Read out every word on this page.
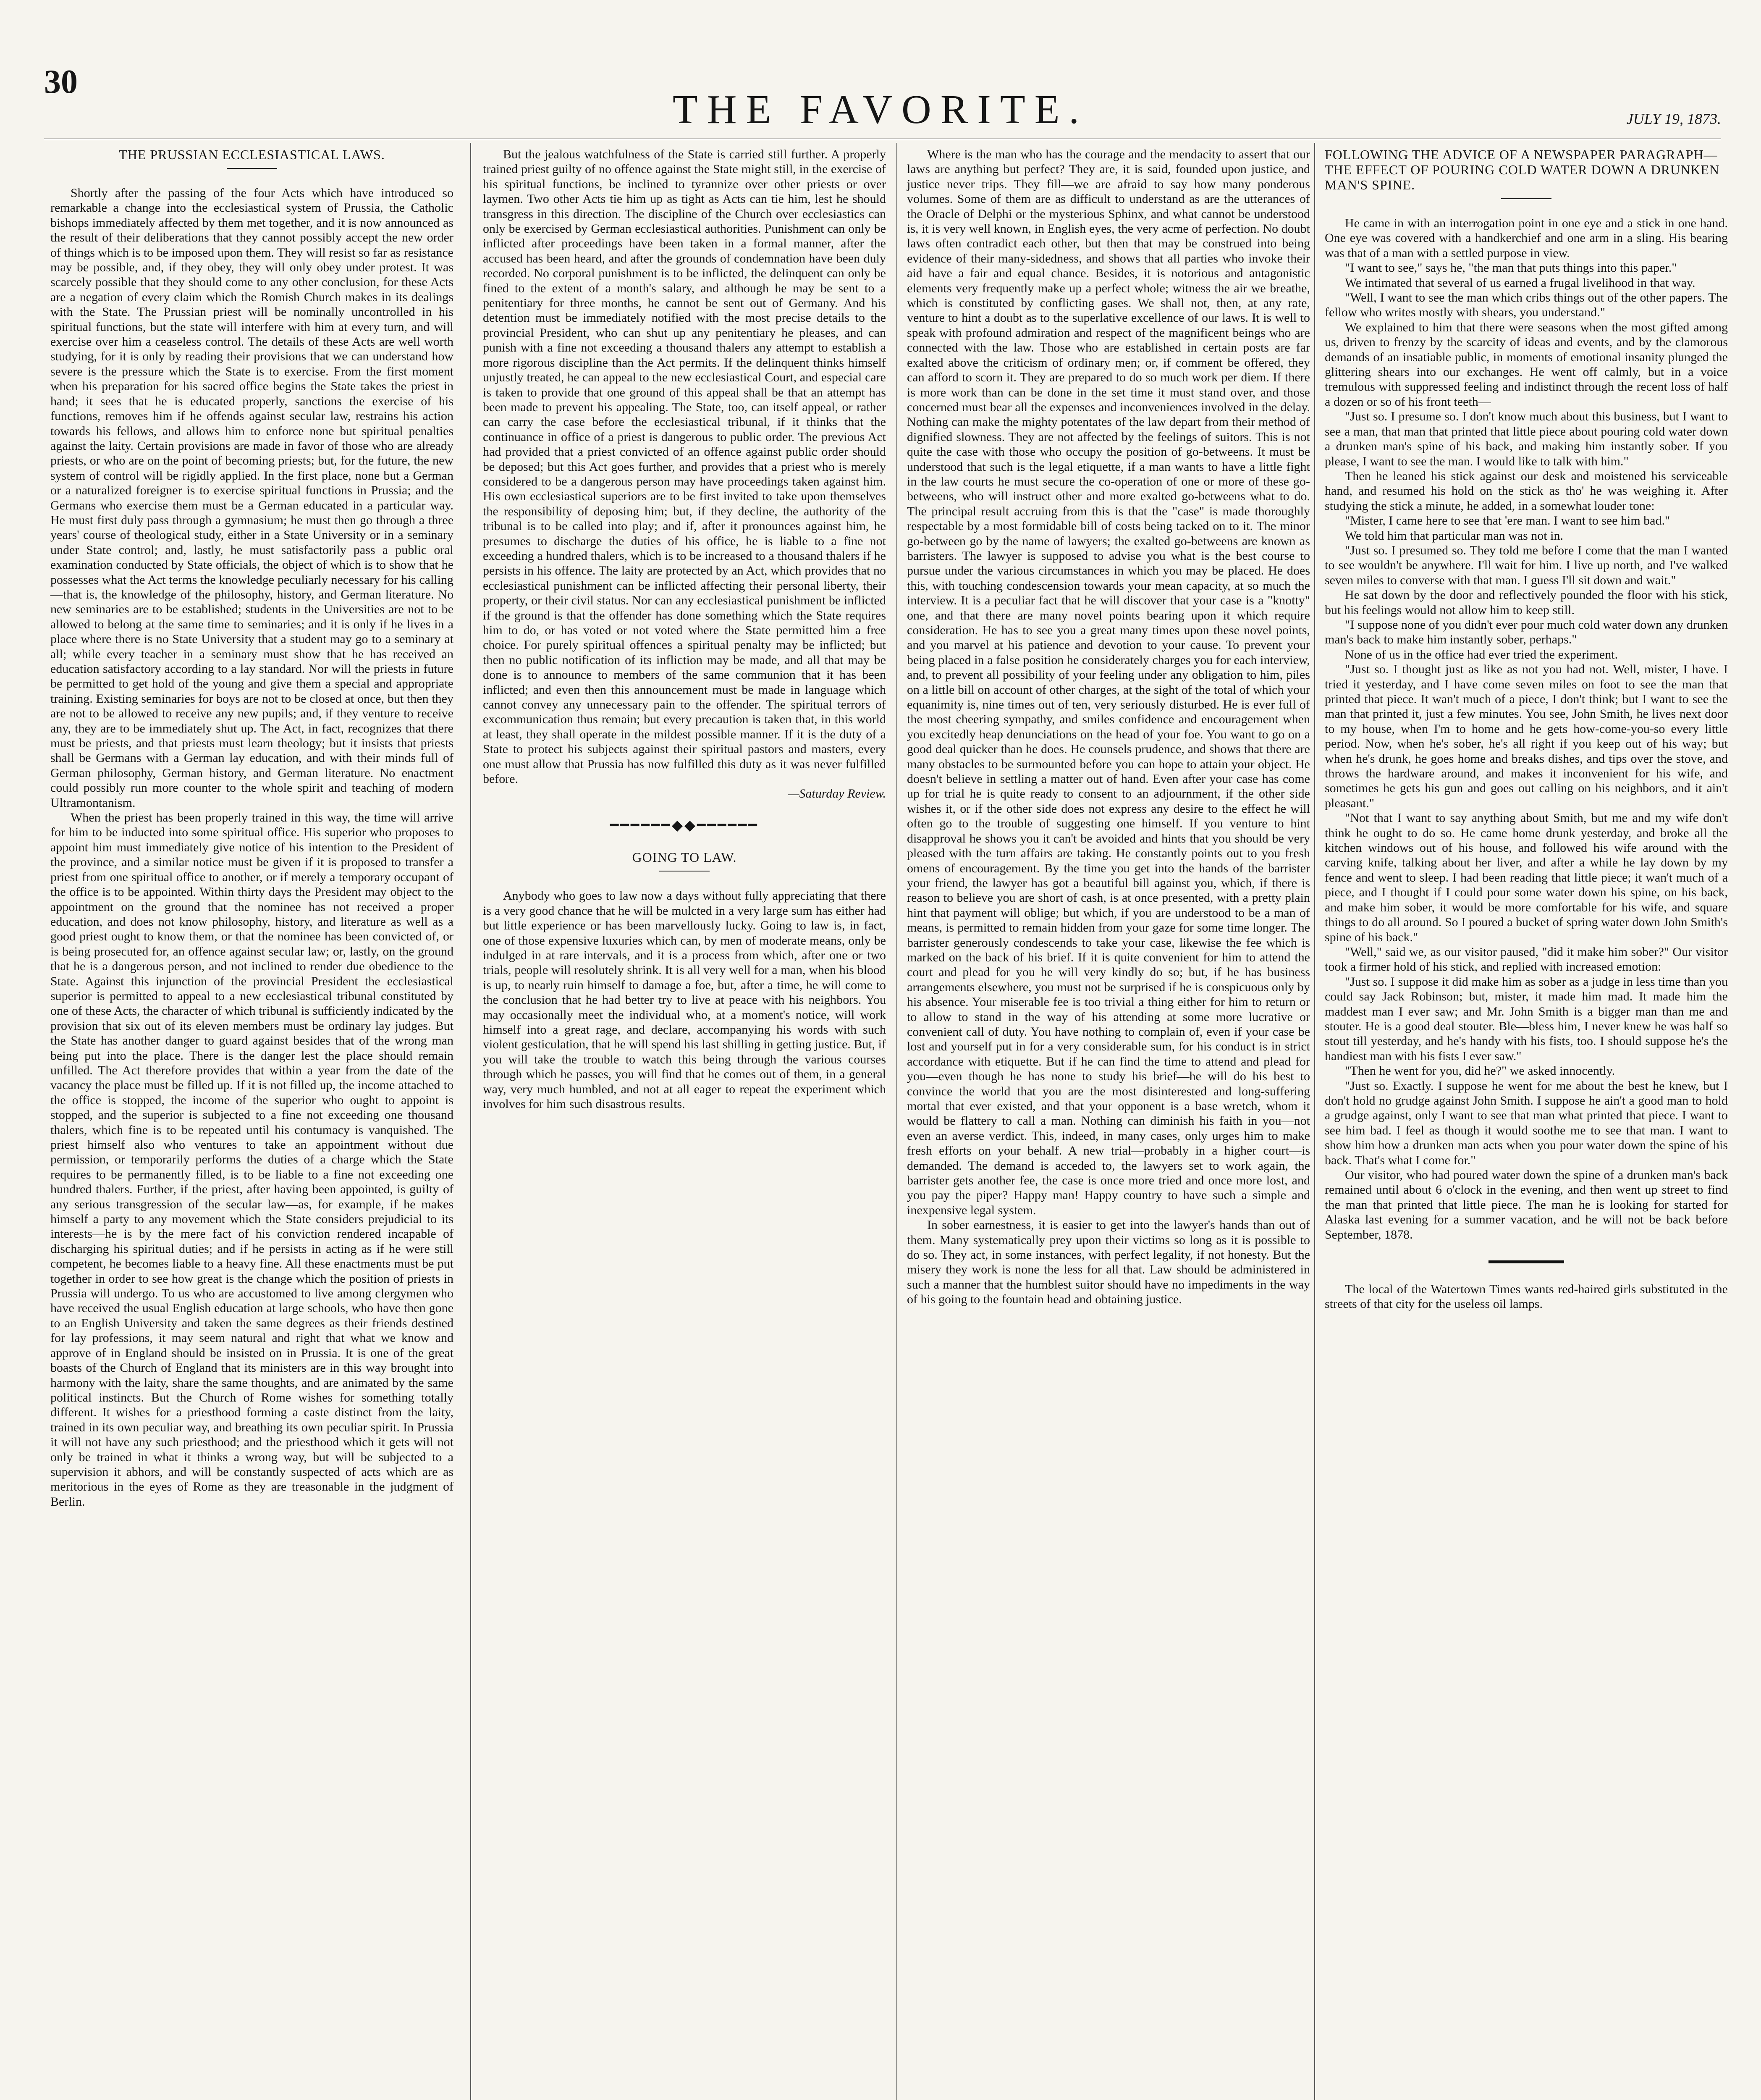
30
THE FAVORITE.	JULY 19, 1873.
THE PRUSSIAN ECCLESIASTICAL LAWS.

Shortly after the passing of the four Acts which have introduced so remarkable a change into the ecclesiastical system of Prussia, the Catholic bishops immediately affected by them met together, and it is now announced as the result of their deliberations that they cannot possibly accept the new order of things which is to be imposed upon them. They will resist so far as resistance may be possible, and, if they obey, they will only obey under protest. It was scarcely possible that they should come to any other conclusion, for these Acts are a negation of every claim which the Romish Church makes in its dealings with the State. The Prussian priest will be nominally uncontrolled in his spiritual functions, but the state will interfere with him at every turn, and will exercise over him a ceaseless control. The details of these Acts are well worth studying, for it is only by reading their provisions that we can understand how severe is the pressure which the State is to exercise. From the first moment when his preparation for his sacred office begins the State takes the priest in hand; it sees that he is educated properly, sanctions the exercise of his functions, removes him if he offends against secular law, restrains his action towards his fellows, and allows him to enforce none but spiritual penalties against the laity. Certain provisions are made in favor of those who are already priests, or who are on the point of becoming priests; but, for the future, the new system of control will be rigidly applied. In the first place, none but a German or a naturalized foreigner is to exercise spiritual functions in Prussia; and the Germans who exercise them must be a German educated in a particular way. He must first duly pass through a gymnasium; he must then go through a three years' course of theological study, either in a State University or in a seminary under State control; and, lastly, he must satisfactorily pass a public oral examination conducted by State officials, the object of which is to show that he possesses what the Act terms the knowledge peculiarly necessary for his calling—that is, the knowledge of the philosophy, history, and German literature. No new seminaries are to be established; students in the Universities are not to be allowed to belong at the same time to seminaries; and it is only if he lives in a place where there is no State University that a student may go to a seminary at all; while every teacher in a seminary must show that he has received an education satisfactory according to a lay standard. Nor will the priests in future be permitted to get hold of the young and give them a special and appropriate training. Existing seminaries for boys are not to be closed at once, but then they are not to be allowed to receive any new pupils; and, if they venture to receive any, they are to be immediately shut up. The Act, in fact, recognizes that there must be priests, and that priests must learn theology; but it insists that priests shall be Germans with a German lay education, and with their minds full of German philosophy, German history, and German literature. No enactment could possibly run more counter to the whole spirit and teaching of modern Ultramontanism.

When the priest has been properly trained in this way, the time will arrive for him to be inducted into some spiritual office. His superior who proposes to appoint him must immediately give notice of his intention to the President of the province, and a similar notice must be given if it is proposed to transfer a priest from one spiritual office to another, or if merely a temporary occupant of the office is to be appointed. Within thirty days the President may object to the appointment on the ground that the nominee has not received a proper education, and does not know philosophy, history, and literature as well as a good priest ought to know them, or that the nominee has been convicted of, or is being prosecuted for, an offence against secular law; or, lastly, on the ground that he is a dangerous person, and not inclined to render due obedience to the State. Against this injunction of the provincial President the ecclesiastical superior is permitted to appeal to a new ecclesiastical tribunal constituted by one of these Acts, the character of which tribunal is sufficiently indicated by the provision that six out of its eleven members must be ordinary lay judges. But the State has another danger to guard against besides that of the wrong man being put into the place. There is the danger lest the place should remain unfilled. The Act therefore provides that within a year from the date of the vacancy the place must be filled up. If it is not filled up, the income attached to the office is stopped, the income of the superior who ought to appoint is stopped, and the superior is subjected to a fine not exceeding one thousand thalers, which fine is to be repeated until his contumacy is vanquished. The priest himself also who ventures to take an appointment without due permission, or temporarily performs the duties of a charge which the State requires to be permanently filled, is to be liable to a fine not exceeding one hundred thalers. Further, if the priest, after having been appointed, is guilty of any serious transgression of the secular law—as, for example, if he makes himself a party to any movement which the State considers prejudicial to its interests—he is by the mere fact of his conviction rendered incapable of discharging his spiritual duties; and if he persists in acting as if he were still competent, he becomes liable to a heavy fine. All these enactments must be put together in order to see how great is the change which the position of priests in Prussia will undergo. To us who are accustomed to live among clergymen who have received the usual English education at large schools, who have then gone to an English University and taken the same degrees as their friends destined for lay professions, it may seem natural and right that what we know and approve of in England should be insisted on in Prussia. It is one of the great boasts of the Church of England that its ministers are in this way brought into harmony with the laity, share the same thoughts, and are animated by the same political instincts. But the Church of Rome wishes for something totally different. It wishes for a priesthood forming a caste distinct from the laity, trained in its own peculiar way, and breathing its own peculiar spirit. In Prussia it will not have any such priesthood; and the priesthood which it gets will not only be trained in what it thinks a wrong way, but will be subjected to a supervision it abhors, and will be constantly suspected of acts which are as meritorious in the eyes of Rome as they are treasonable in the judgment of Berlin.

But the jealous watchfulness of the State is carried still further. A properly trained priest guilty of no offence against the State might still, in the exercise of his spiritual functions, be inclined to tyrannize over other priests or over laymen. Two other Acts tie him up as tight as Acts can tie him, lest he should transgress in this direction. The discipline of the Church over ecclesiastics can only be exercised by German ecclesiastical authorities. Punishment can only be inflicted after proceedings have been taken in a formal manner, after the accused has been heard, and after the grounds of condemnation have been duly recorded. No corporal punishment is to be inflicted, the delinquent can only be fined to the extent of a month's salary, and although he may be sent to a penitentiary for three months, he cannot be sent out of Germany. And his detention must be immediately notified with the most precise details to the provincial President, who can shut up any penitentiary he pleases, and can punish with a fine not exceeding a thousand thalers any attempt to establish a more rigorous discipline than the Act permits. If the delinquent thinks himself unjustly treated, he can appeal to the new ecclesiastical Court, and especial care is taken to provide that one ground of this appeal shall be that an attempt has been made to prevent his appealing. The State, too, can itself appeal, or rather can carry the case before the ecclesiastical tribunal, if it thinks that the continuance in office of a priest is dangerous to public order. The previous Act had provided that a priest convicted of an offence against public order should be deposed; but this Act goes further, and provides that a priest who is merely considered to be a dangerous person may have proceedings taken against him. His own ecclesiastical superiors are to be first invited to take upon themselves the responsibility of deposing him; but, if they decline, the authority of the tribunal is to be called into play; and if, after it pronounces against him, he presumes to discharge the duties of his office, he is liable to a fine not exceeding a hundred thalers, which is to be increased to a thousand thalers if he persists in his offence. The laity are protected by an Act, which provides that no ecclesiastical punishment can be inflicted affecting their personal liberty, their property, or their civil status. Nor can any ecclesiastical punishment be inflicted if the ground is that the offender has done something which the State requires him to do, or has voted or not voted where the State permitted him a free choice. For purely spiritual offences a spiritual penalty may be inflicted; but then no public notification of its infliction may be made, and all that may be done is to announce to members of the same communion that it has been inflicted; and even then this announcement must be made in language which cannot convey any unnecessary pain to the offender. The spiritual terrors of excommunication thus remain; but every precaution is taken that, in this world at least, they shall operate in the mildest possible manner. If it is the duty of a State to protect his subjects against their spiritual pastors and masters, every one must allow that Prussia has now fulfilled this duty as it was never fulfilled before.

—Saturday Review.
━━━━━━◆◆━━━━━━
GOING TO LAW.

Anybody who goes to law now a days without fully appreciating that there is a very good chance that he will be mulcted in a very large sum has either had but little experience or has been marvellously lucky. Going to law is, in fact, one of those expensive luxuries which can, by men of moderate means, only be indulged in at rare intervals, and it is a process from which, after one or two trials, people will resolutely shrink. It is all very well for a man, when his blood is up, to nearly ruin himself to damage a foe, but, after a time, he will come to the conclusion that he had better try to live at peace with his neighbors. You may occasionally meet the individual who, at a moment's notice, will work himself into a great rage, and declare, accompanying his words with such violent gesticulation, that he will spend his last shilling in getting justice. But, if you will take the trouble to watch this being through the various courses through which he passes, you will find that he comes out of them, in a general way, very much humbled, and not at all eager to repeat the experiment which involves for him such disastrous results.

Where is the man who has the courage and the mendacity to assert that our laws are anything but perfect? They are, it is said, founded upon justice, and justice never trips. They fill—we are afraid to say how many ponderous volumes. Some of them are as difficult to understand as are the utterances of the Oracle of Delphi or the mysterious Sphinx, and what cannot be understood is, it is very well known, in English eyes, the very acme of perfection. No doubt laws often contradict each other, but then that may be construed into being evidence of their many-sidedness, and shows that all parties who invoke their aid have a fair and equal chance. Besides, it is notorious and antagonistic elements very frequently make up a perfect whole; witness the air we breathe, which is constituted by conflicting gases. We shall not, then, at any rate, venture to hint a doubt as to the superlative excellence of our laws. It is well to speak with profound admiration and respect of the magnificent beings who are connected with the law. Those who are established in certain posts are far exalted above the criticism of ordinary men; or, if comment be offered, they can afford to scorn it. They are prepared to do so much work per diem. If there is more work than can be done in the set time it must stand over, and those concerned must bear all the expenses and inconveniences involved in the delay. Nothing can make the mighty potentates of the law depart from their method of dignified slowness. They are not affected by the feelings of suitors. This is not quite the case with those who occupy the position of go-betweens. It must be understood that such is the legal etiquette, if a man wants to have a little fight in the law courts he must secure the co-operation of one or more of these go-betweens, who will instruct other and more exalted go-betweens what to do. The principal result accruing from this is that the "case" is made thoroughly respectable by a most formidable bill of costs being tacked on to it. The minor go-between go by the name of lawyers; the exalted go-betweens are known as barristers. The lawyer is supposed to advise you what is the best course to pursue under the various circumstances in which you may be placed. He does this, with touching condescension towards your mean capacity, at so much the interview. It is a peculiar fact that he will discover that your case is a "knotty" one, and that there are many novel points bearing upon it which require consideration. He has to see you a great many times upon these novel points, and you marvel at his patience and devotion to your cause. To prevent your being placed in a false position he considerately charges you for each interview, and, to prevent all possibility of your feeling under any obligation to him, piles on a little bill on account of other charges, at the sight of the total of which your equanimity is, nine times out of ten, very seriously disturbed. He is ever full of the most cheering sympathy, and smiles confidence and encouragement when you excitedly heap denunciations on the head of your foe. You want to go on a good deal quicker than he does. He counsels prudence, and shows that there are many obstacles to be surmounted before you can hope to attain your object. He doesn't believe in settling a matter out of hand. Even after your case has come up for trial he is quite ready to consent to an adjournment, if the other side wishes it, or if the other side does not express any desire to the effect he will often go to the trouble of suggesting one himself. If you venture to hint disapproval he shows you it can't be avoided and hints that you should be very pleased with the turn affairs are taking. He constantly points out to you fresh omens of encouragement. By the time you get into the hands of the barrister your friend, the lawyer has got a beautiful bill against you, which, if there is reason to believe you are short of cash, is at once presented, with a pretty plain hint that payment will oblige; but which, if you are understood to be a man of means, is permitted to remain hidden from your gaze for some time longer. The barrister generously condescends to take your case, likewise the fee which is marked on the back of his brief. If it is quite convenient for him to attend the court and plead for you he will very kindly do so; but, if he has business arrangements elsewhere, you must not be surprised if he is conspicuous only by his absence. Your miserable fee is too trivial a thing either for him to return or to allow to stand in the way of his attending at some more lucrative or convenient call of duty. You have nothing to complain of, even if your case be lost and yourself put in for a very considerable sum, for his conduct is in strict accordance with etiquette. But if he can find the time to attend and plead for you—even though he has none to study his brief—he will do his best to convince the world that you are the most disinterested and long-suffering mortal that ever existed, and that your opponent is a base wretch, whom it would be flattery to call a man. Nothing can diminish his faith in you—not even an averse verdict. This, indeed, in many cases, only urges him to make fresh efforts on your behalf. A new trial—probably in a higher court—is demanded. The demand is acceded to, the lawyers set to work again, the barrister gets another fee, the case is once more tried and once more lost, and you pay the piper? Happy man! Happy country to have such a simple and inexpensive legal system.

In sober earnestness, it is easier to get into the lawyer's hands than out of them. Many systematically prey upon their victims so long as it is possible to do so. They act, in some instances, with perfect legality, if not honesty. But the misery they work is none the less for all that. Law should be administered in such a manner that the humblest suitor should have no impediments in the way of his going to the fountain head and obtaining justice.

FOLLOWING THE ADVICE OF A NEWSPAPER PARAGRAPH—THE EFFECT OF POURING COLD WATER DOWN A DRUNKEN MAN'S SPINE.

He came in with an interrogation point in one eye and a stick in one hand. One eye was covered with a handkerchief and one arm in a sling. His bearing was that of a man with a settled purpose in view.

"I want to see," says he, "the man that puts things into this paper."

We intimated that several of us earned a frugal livelihood in that way.

"Well, I want to see the man which cribs things out of the other papers. The fellow who writes mostly with shears, you understand."

We explained to him that there were seasons when the most gifted among us, driven to frenzy by the scarcity of ideas and events, and by the clamorous demands of an insatiable public, in moments of emotional insanity plunged the glittering shears into our exchanges. He went off calmly, but in a voice tremulous with suppressed feeling and indistinct through the recent loss of half a dozen or so of his front teeth—

"Just so. I presume so. I don't know much about this business, but I want to see a man, that man that printed that little piece about pouring cold water down a drunken man's spine of his back, and making him instantly sober. If you please, I want to see the man. I would like to talk with him."

Then he leaned his stick against our desk and moistened his serviceable hand, and resumed his hold on the stick as tho' he was weighing it. After studying the stick a minute, he added, in a somewhat louder tone:

"Mister, I came here to see that 'ere man. I want to see him bad."

We told him that particular man was not in.

"Just so. I presumed so. They told me before I come that the man I wanted to see wouldn't be anywhere. I'll wait for him. I live up north, and I've walked seven miles to converse with that man. I guess I'll sit down and wait."

He sat down by the door and reflectively pounded the floor with his stick, but his feelings would not allow him to keep still.

"I suppose none of you didn't ever pour much cold water down any drunken man's back to make him instantly sober, perhaps."

None of us in the office had ever tried the experiment.

"Just so. I thought just as like as not you had not. Well, mister, I have. I tried it yesterday, and I have come seven miles on foot to see the man that printed that piece. It wan't much of a piece, I don't think; but I want to see the man that printed it, just a few minutes. You see, John Smith, he lives next door to my house, when I'm to home and he gets how-come-you-so every little period. Now, when he's sober, he's all right if you keep out of his way; but when he's drunk, he goes home and breaks dishes, and tips over the stove, and throws the hardware around, and makes it inconvenient for his wife, and sometimes he gets his gun and goes out calling on his neighbors, and it ain't pleasant."

"Not that I want to say anything about Smith, but me and my wife don't think he ought to do so. He came home drunk yesterday, and broke all the kitchen windows out of his house, and followed his wife around with the carving knife, talking about her liver, and after a while he lay down by my fence and went to sleep. I had been reading that little piece; it wan't much of a piece, and I thought if I could pour some water down his spine, on his back, and make him sober, it would be more comfortable for his wife, and square things to do all around. So I poured a bucket of spring water down John Smith's spine of his back."

"Well," said we, as our visitor paused, "did it make him sober?" Our visitor took a firmer hold of his stick, and replied with increased emotion:

"Just so. I suppose it did make him as sober as a judge in less time than you could say Jack Robinson; but, mister, it made him mad. It made him the maddest man I ever saw; and Mr. John Smith is a bigger man than me and stouter. He is a good deal stouter. Ble—bless him, I never knew he was half so stout till yesterday, and he's handy with his fists, too. I should suppose he's the handiest man with his fists I ever saw."

"Then he went for you, did he?" we asked innocently.

"Just so. Exactly. I suppose he went for me about the best he knew, but I don't hold no grudge against John Smith. I suppose he ain't a good man to hold a grudge against, only I want to see that man what printed that piece. I want to see him bad. I feel as though it would soothe me to see that man. I want to show him how a drunken man acts when you pour water down the spine of his back. That's what I come for."

Our visitor, who had poured water down the spine of a drunken man's back remained until about 6 o'clock in the evening, and then went up street to find the man that printed that little piece. The man he is looking for started for Alaska last evening for a summer vacation, and he will not be back before September, 1878.

The local of the Watertown Times wants red-haired girls substituted in the streets of that city for the useless oil lamps.
